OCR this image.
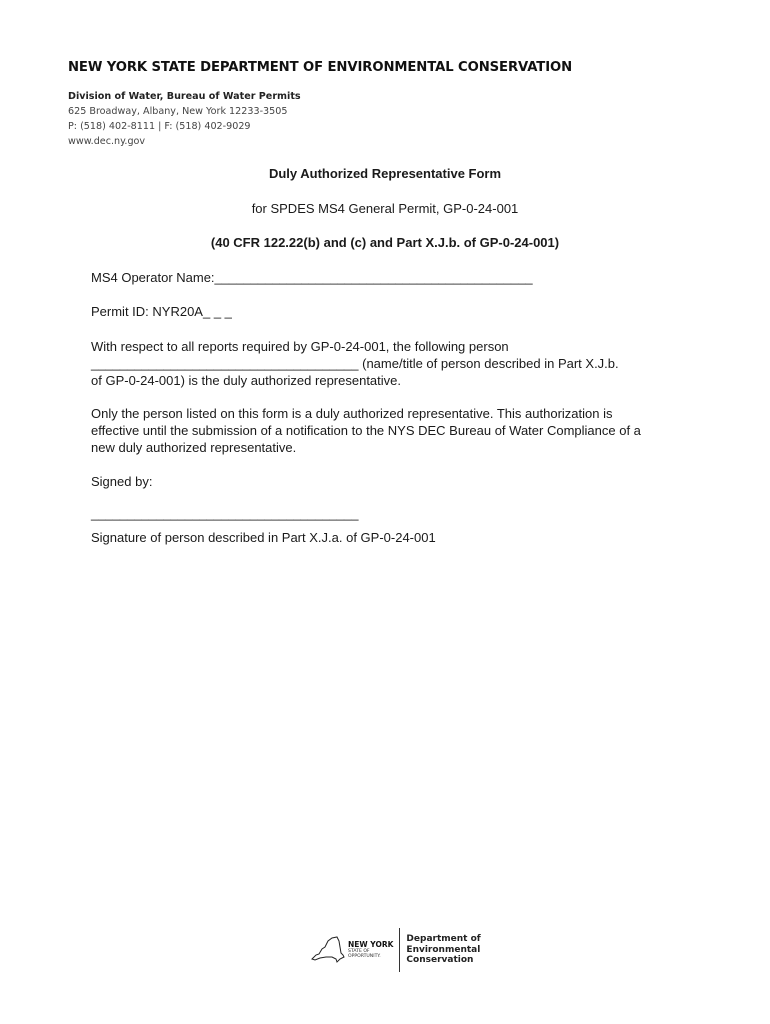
NEW YORK STATE DEPARTMENT OF ENVIRONMENTAL CONSERVATION
Division of Water, Bureau of Water Permits
625 Broadway, Albany, New York 12233-3505
P: (518) 402-8111 | F: (518) 402-9029
www.dec.ny.gov
Duly Authorized Representative Form
for SPDES MS4 General Permit, GP-0-24-001
(40 CFR 122.22(b) and (c) and Part X.J.b. of GP-0-24-001)
MS4 Operator Name:____________________________________________
Permit ID: NYR20A_ _ _
With respect to all reports required by GP-0-24-001, the following person
_____________________________________ (name/title of person described in Part X.J.b.
of GP-0-24-001) is the duly authorized representative.
Only the person listed on this form is a duly authorized representative. This authorization is
effective until the submission of a notification to the NYS DEC Bureau of Water Compliance of a
new duly authorized representative.
Signed by:
_____________________________________
Signature of person described in Part X.J.a. of GP-0-24-001
NEW YORK
STATE OF
OPPORTUNITY.
Department of
Environmental
Conservation
